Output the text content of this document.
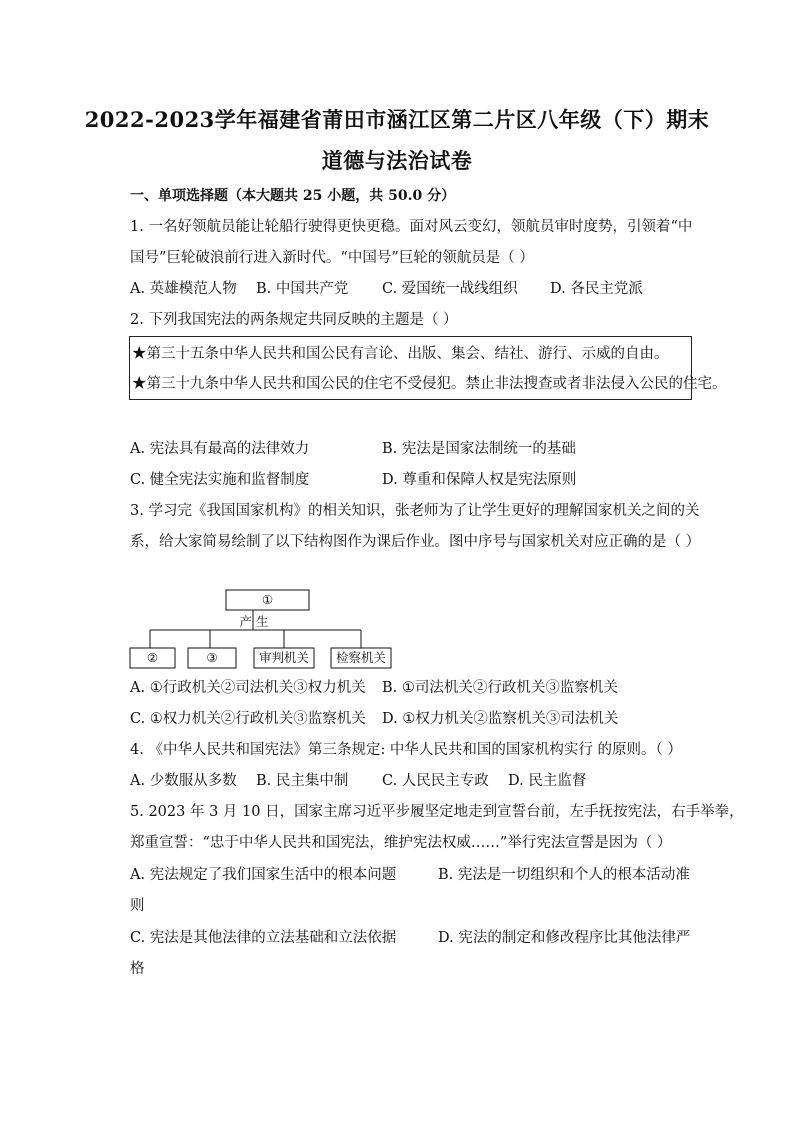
2022-2023学年福建省莆田市涵江区第二片区八年级（下）期末
道德与法治试卷
一、单项选择题（本大题共 25 小题，共 50.0 分）
1. 一名好领航员能让轮船行驶得更快更稳。面对风云变幻，领航员审时度势，引领着“中
国号”巨轮破浪前行进入新时代。“中国号”巨轮的领航员是（ ）
A. 英雄模范人物 B. 中国共产党 C. 爱国统一战线组织 D. 各民主党派
2. 下列我国宪法的两条规定共同反映的主题是（ ）
★第三十五条中华人民共和国公民有言论、出版、集会、结社、游行、示威的自由。
★第三十九条中华人民共和国公民的住宅不受侵犯。禁止非法搜查或者非法侵入公民的住宅。
A. 宪法具有最高的法律效力	B. 宪法是国家法制统一的基础
C. 健全宪法实施和监督制度	D. 尊重和保障人权是宪法原则
3. 学习完《我国国家机构》的相关知识，张老师为了让学生更好的理解国家机关之间的关
系，给大家简易绘制了以下结构图作为课后作业。图中序号与国家机关对应正确的是（ ）
①
产 生
②	③	审判机关 检察机关
A. ①行政机关②司法机关③权力机关 B. ①司法机关②行政机关③监察机关
C. ①权力机关②行政机关③监察机关 D. ①权力机关②监察机关③司法机关
4. 《中华人民共和国宪法》第三条规定: 中华人民共和国的国家机构实行 的原则。（ ）
A. 少数服从多数 B. 民主集中制 C. 人民民主专政 D. 民主监督
5. 2023 年 3 月 10 日，国家主席习近平步履坚定地走到宣誓台前，左手抚按宪法，右手举拳，
郑重宣誓：“忠于中华人民共和国宪法，维护宪法权威……”举行宪法宣誓是因为（ ）
A. 宪法规定了我们国家生活中的根本问题	B. 宪法是一切组织和个人的根本活动准
则
C. 宪法是其他法律的立法基础和立法依据	D. 宪法的制定和修改程序比其他法律严
格
